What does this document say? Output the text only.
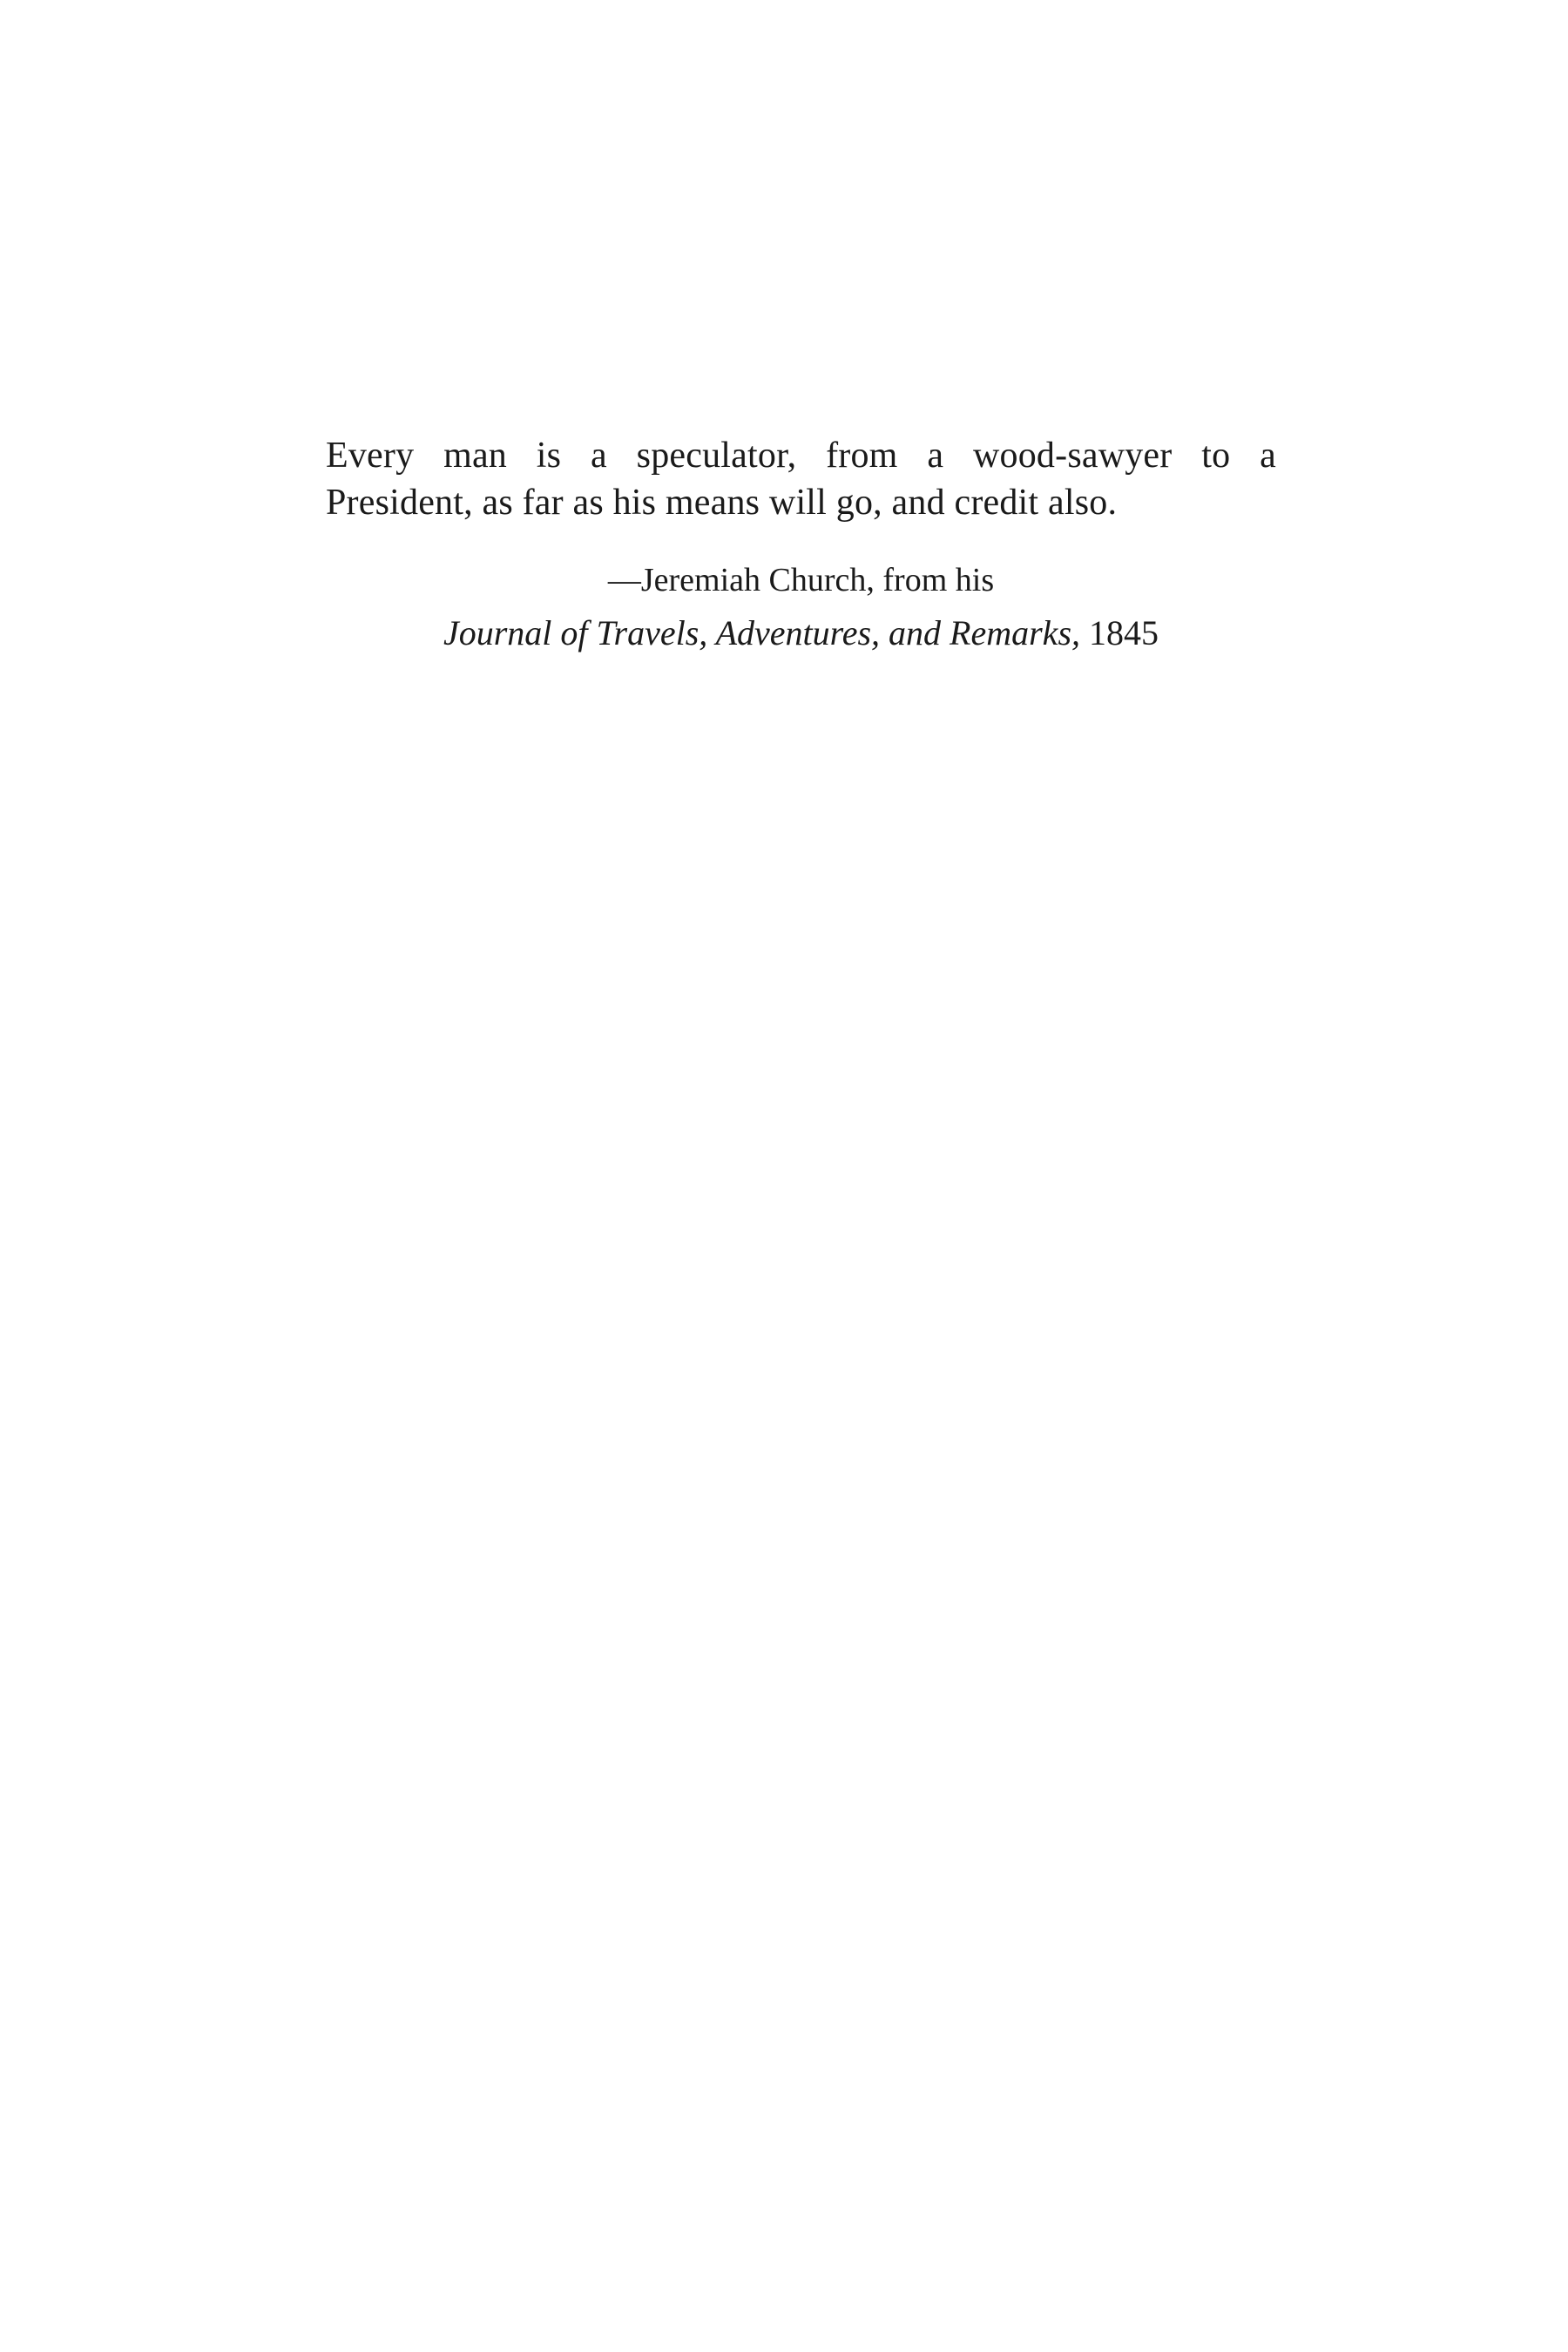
Every man is a speculator, from a wood-sawyer to a
President, as far as his means will go, and credit also.
—Jeremiah Church, from his
Journal of Travels, Adventures, and Remarks, 1845
